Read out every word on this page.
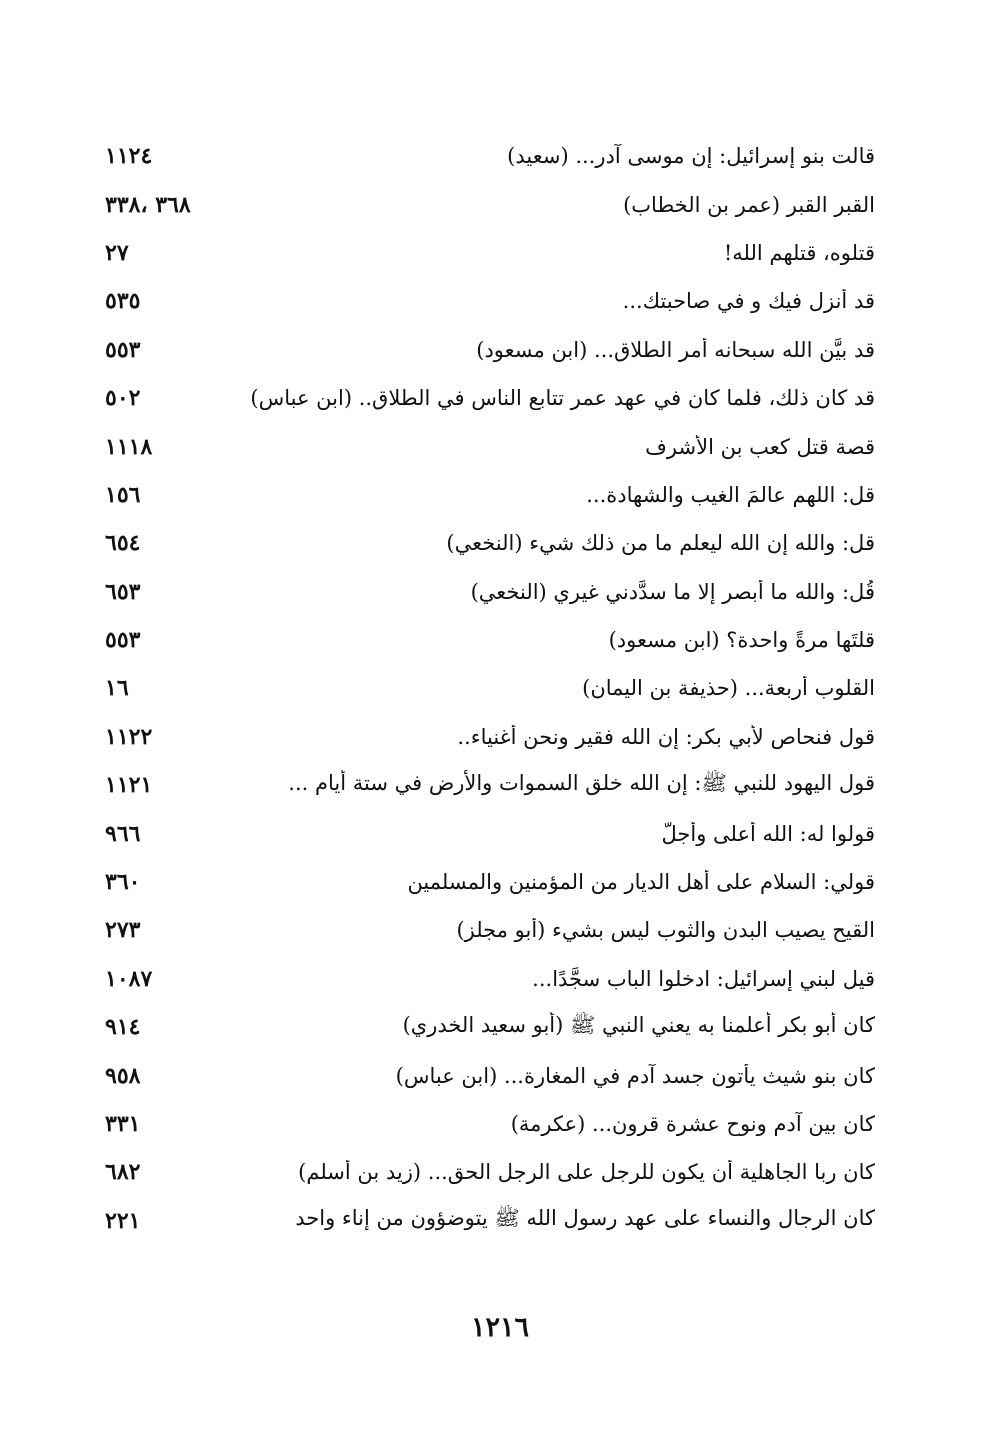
قالت بنو إسرائيل: إن موسى آدر... (سعيد)
١١٢٤
القبر القبر (عمر بن الخطاب)
٣٦٨ ،٣٣٨
قتلوه، قتلهم الله!
٢٧
قد أُنزل فيك و في صاحبتك...
٥٣٥
قد بيَّن الله سبحانه أمر الطلاق... (ابن مسعود)
٥٥٣
قد كان ذلك، فلما كان في عهد عمر تتابع الناس في الطلاق.. (ابن عباس)
٥٠٢
قصة قتل كعب بن الأشرف
١١١٨
قل: اللهم عالمَ الغيب والشهادة...
١٥٦
قل: والله إن الله ليعلم ما من ذلك شيء (النخعي)
٦٥٤
قُل: والله ما أُبصر إلا ما سدَّدني غيري (النخعي)
٦٥٣
قلتَها مرةً واحدة؟ (ابن مسعود)
٥٥٣
القلوب أربعة... (حذيفة بن اليمان)
١٦
قول فنحاص لأبي بكر: إن الله فقير ونحن أغنياء..
١١٢٢
قول اليهود للنبي ﷺ: إن الله خلق السموات والأرض في ستة أيام ...
١١٢١
قولوا له: الله أعلى وأجلُّ
٩٦٦
قولي: السلام على أهل الديار من المؤمنين والمسلمين
٣٦٠
القيح يصيب البدن والثوب ليس بشيء (أبو مجلز)
٢٧٣
قيل لبني إسرائيل: ادخلوا الباب سجَّدًا...
١٠٨٧
كان أبو بكر أعلمنا به يعني النبي ﷺ (أبو سعيد الخدري)
٩١٤
كان بنو شيث يأتون جسد آدم في المغارة... (ابن عباس)
٩٥٨
كان بين آدم ونوح عشرة قرون... (عكرمة)
٣٣١
كان ربا الجاهلية أن يكون للرجل على الرجل الحق... (زيد بن أسلم)
٦٨٢
كان الرجال والنساء على عهد رسول الله ﷺ يتوضؤون من إناء واحد
٢٢١
١٢١٦
